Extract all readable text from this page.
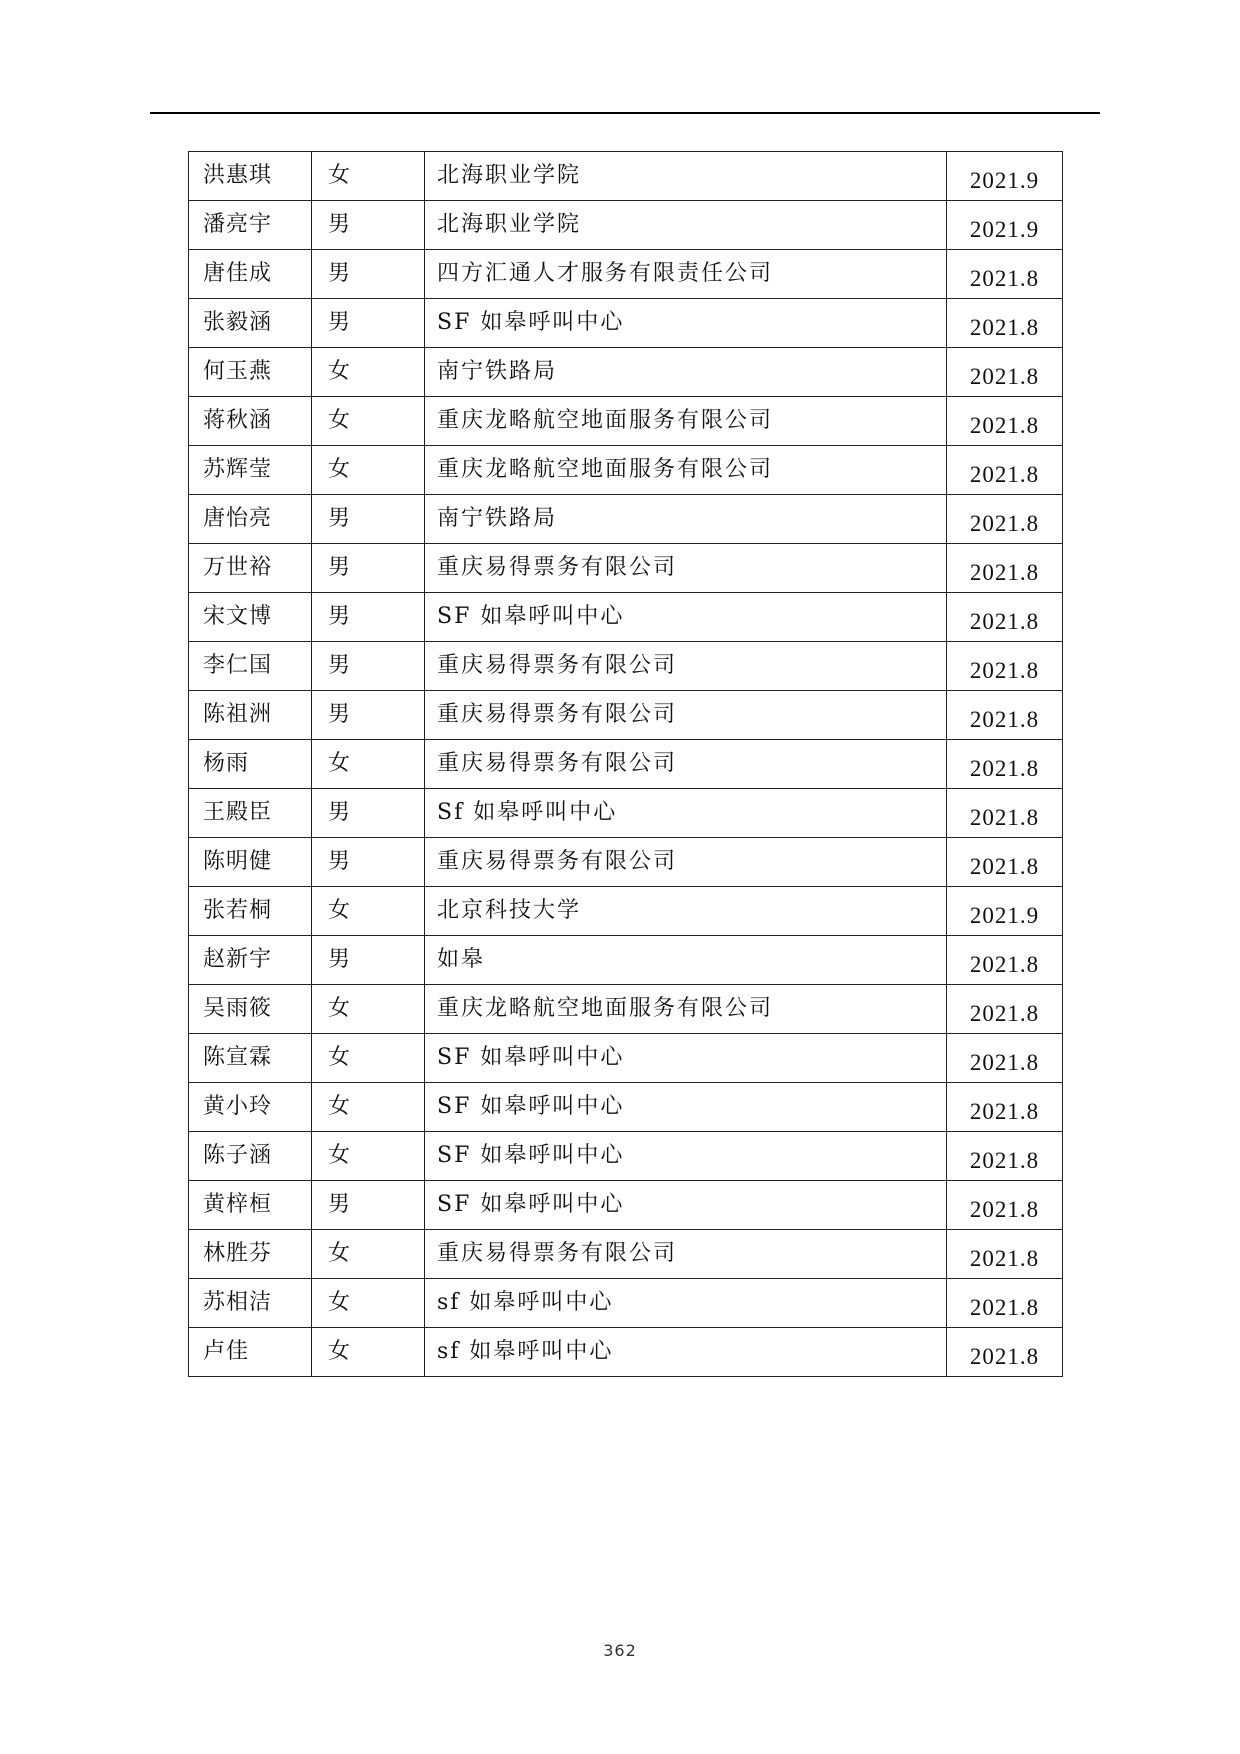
洪惠琪	女	北海职业学院	2021.9
潘亮宇	男	北海职业学院	2021.9
唐佳成	男	四方汇通人才服务有限责任公司	2021.8
张毅涵	男	SF 如皋呼叫中心	2021.8
何玉燕	女	南宁铁路局	2021.8
蒋秋涵	女	重庆龙略航空地面服务有限公司	2021.8
苏辉莹	女	重庆龙略航空地面服务有限公司	2021.8
唐怡亮	男	南宁铁路局	2021.8
万世裕	男	重庆易得票务有限公司	2021.8
宋文博	男	SF 如皋呼叫中心	2021.8
李仁国	男	重庆易得票务有限公司	2021.8
陈祖洲	男	重庆易得票务有限公司	2021.8
杨雨	女	重庆易得票务有限公司	2021.8
王殿臣	男	Sf 如皋呼叫中心	2021.8
陈明健	男	重庆易得票务有限公司	2021.8
张若桐	女	北京科技大学	2021.9
赵新宇	男	如皋	2021.8
吴雨筱	女	重庆龙略航空地面服务有限公司	2021.8
陈宣霖	女	SF 如皋呼叫中心	2021.8
黄小玲	女	SF 如皋呼叫中心	2021.8
陈子涵	女	SF 如皋呼叫中心	2021.8
黄梓桓	男	SF 如皋呼叫中心	2021.8
林胜芬	女	重庆易得票务有限公司	2021.8
苏相洁	女	sf 如皋呼叫中心	2021.8
卢佳	女	sf 如皋呼叫中心	2021.8
362
